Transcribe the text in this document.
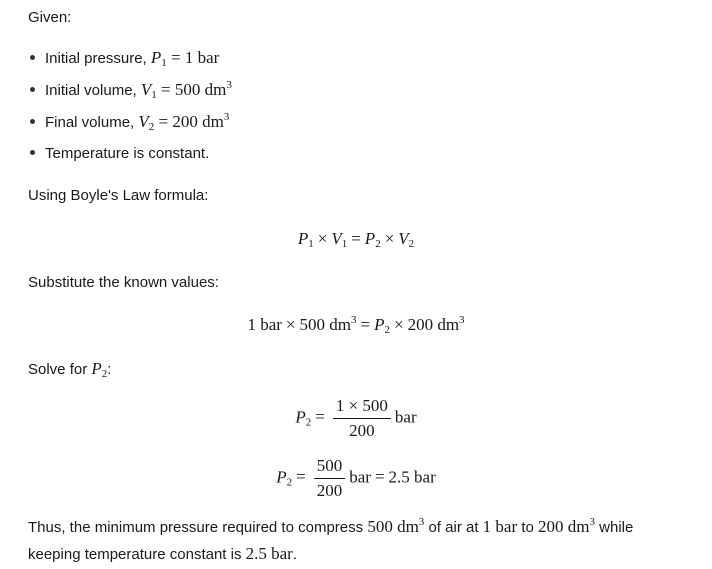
Given:

Initial pressure, $P_1 = 1$ bar
Initial volume, $V_1 = 500$ $dm^3$
Final volume, $V_2 = 200$ $dm^3$
Temperature is constant.

Using Boyle's Law formula:

$P_1 \times V_1 = P_2 \times V_2$

Substitute the known values:

1 bar × 500 $dm^3 = P_2 \times 200$ $dm^3$

Solve for $P_2$:

$P_2 = \frac{1 \times 500}{200}$ bar
$P_2 = \frac{500}{200}$ bar = 2.5 bar

Thus, the minimum pressure required to compress 500 $dm^3$ of air at 1 bar to 200 $dm^3$ while

keeping temperature constant is 2.5 bar.
